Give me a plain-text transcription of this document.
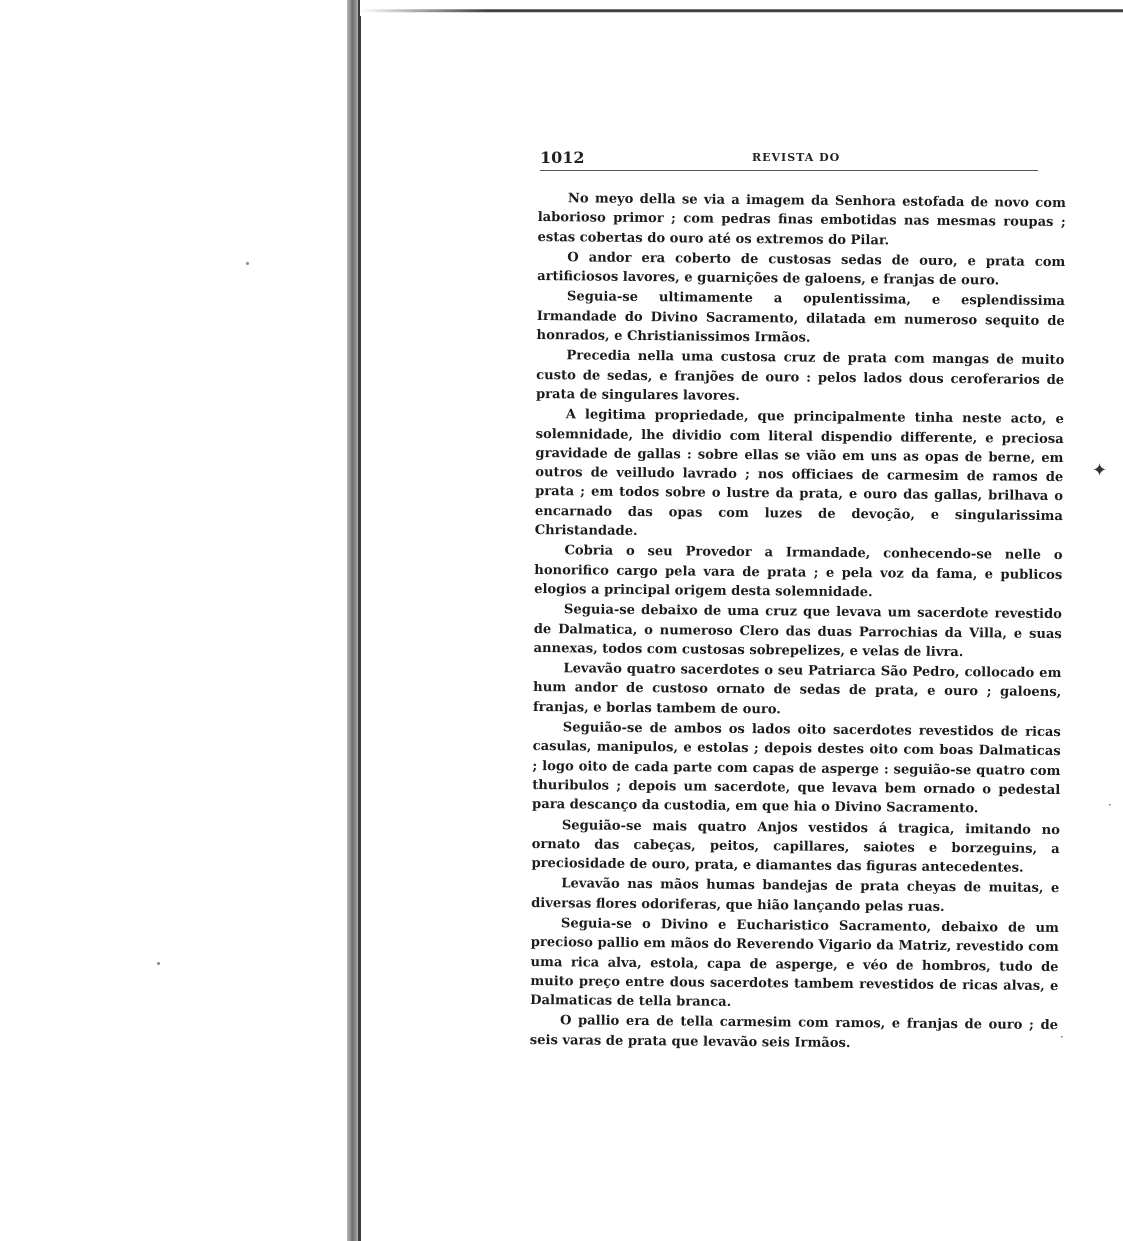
1012	REVISTA DO

No meyo della se via a imagem da Senhora estofada de novo com laborioso primor ; com pedras finas embotidas nas mesmas roupas ; estas cobertas do ouro até os extremos do Pilar.

O andor era coberto de custosas sedas de ouro, e prata com artificiosos lavores, e guarnições de galoens, e franjas de ouro.

Seguia-se ultimamente a opulentissima, e esplendissima Irmandade do Divino Sacramento, dilatada em numeroso sequito de honrados, e Christianissimos Irmãos.

Precedia nella uma custosa cruz de prata com mangas de muito custo de sedas, e franjões de ouro : pelos lados dous ceroferarios de prata de singulares lavores.

A legitima propriedade, que principalmente tinha neste acto, e solemnidade, lhe dividio com literal dispendio differente, e preciosa gravidade de gallas : sobre ellas se vião em uns as opas de berne, em outros de veilludo lavrado ; nos officiaes de carmesim de ramos de prata ; em todos sobre o lustre da prata, e ouro das gallas, brilhava o encarnado das opas com luzes de devoção, e singularissima Christandade.

Cobria o seu Provedor a Irmandade, conhecendo-se nelle o honorifico cargo pela vara de prata ; e pela voz da fama, e publicos elogios a principal origem desta solemnidade.

Seguia-se debaixo de uma cruz que levava um sacerdote revestido de Dalmatica, o numeroso Clero das duas Parrochias da Villa, e suas annexas, todos com custosas sobrepelizes, e velas de livra.

Levavão quatro sacerdotes o seu Patriarca São Pedro, collocado em hum andor de custoso ornato de sedas de prata, e ouro ; galoens, franjas, e borlas tambem de ouro.

Seguião-se de ambos os lados oito sacerdotes revestidos de ricas casulas, manipulos, e estolas ; depois destes oito com boas Dalmaticas ; logo oito de cada parte com capas de asperge : seguião-se quatro com thuribulos ; depois um sacerdote, que levava bem ornado o pedestal para descanço da custodia, em que hia o Divino Sacramento.

Seguião-se mais quatro Anjos vestidos á tragica, imitando no ornato das cabeças, peitos, capillares, saiotes e borzeguins, a preciosidade de ouro, prata, e diamantes das figuras antecedentes.

Levavão nas mãos humas bandejas de prata cheyas de muitas, e diversas flores odoriferas, que hião lançando pelas ruas.

Seguia-se o Divino e Eucharistico Sacramento, debaixo de um precioso pallio em mãos do Reverendo Vigario da Matriz, revestido com uma rica alva, estola, capa de asperge, e véo de hombros, tudo de muito preço entre dous sacerdotes tambem revestidos de ricas alvas, e Dalmaticas de tella branca.

O pallio era de tella carmesim com ramos, e franjas de ouro ; de seis varas de prata que levavão seis Irmãos.

✦
·
·
